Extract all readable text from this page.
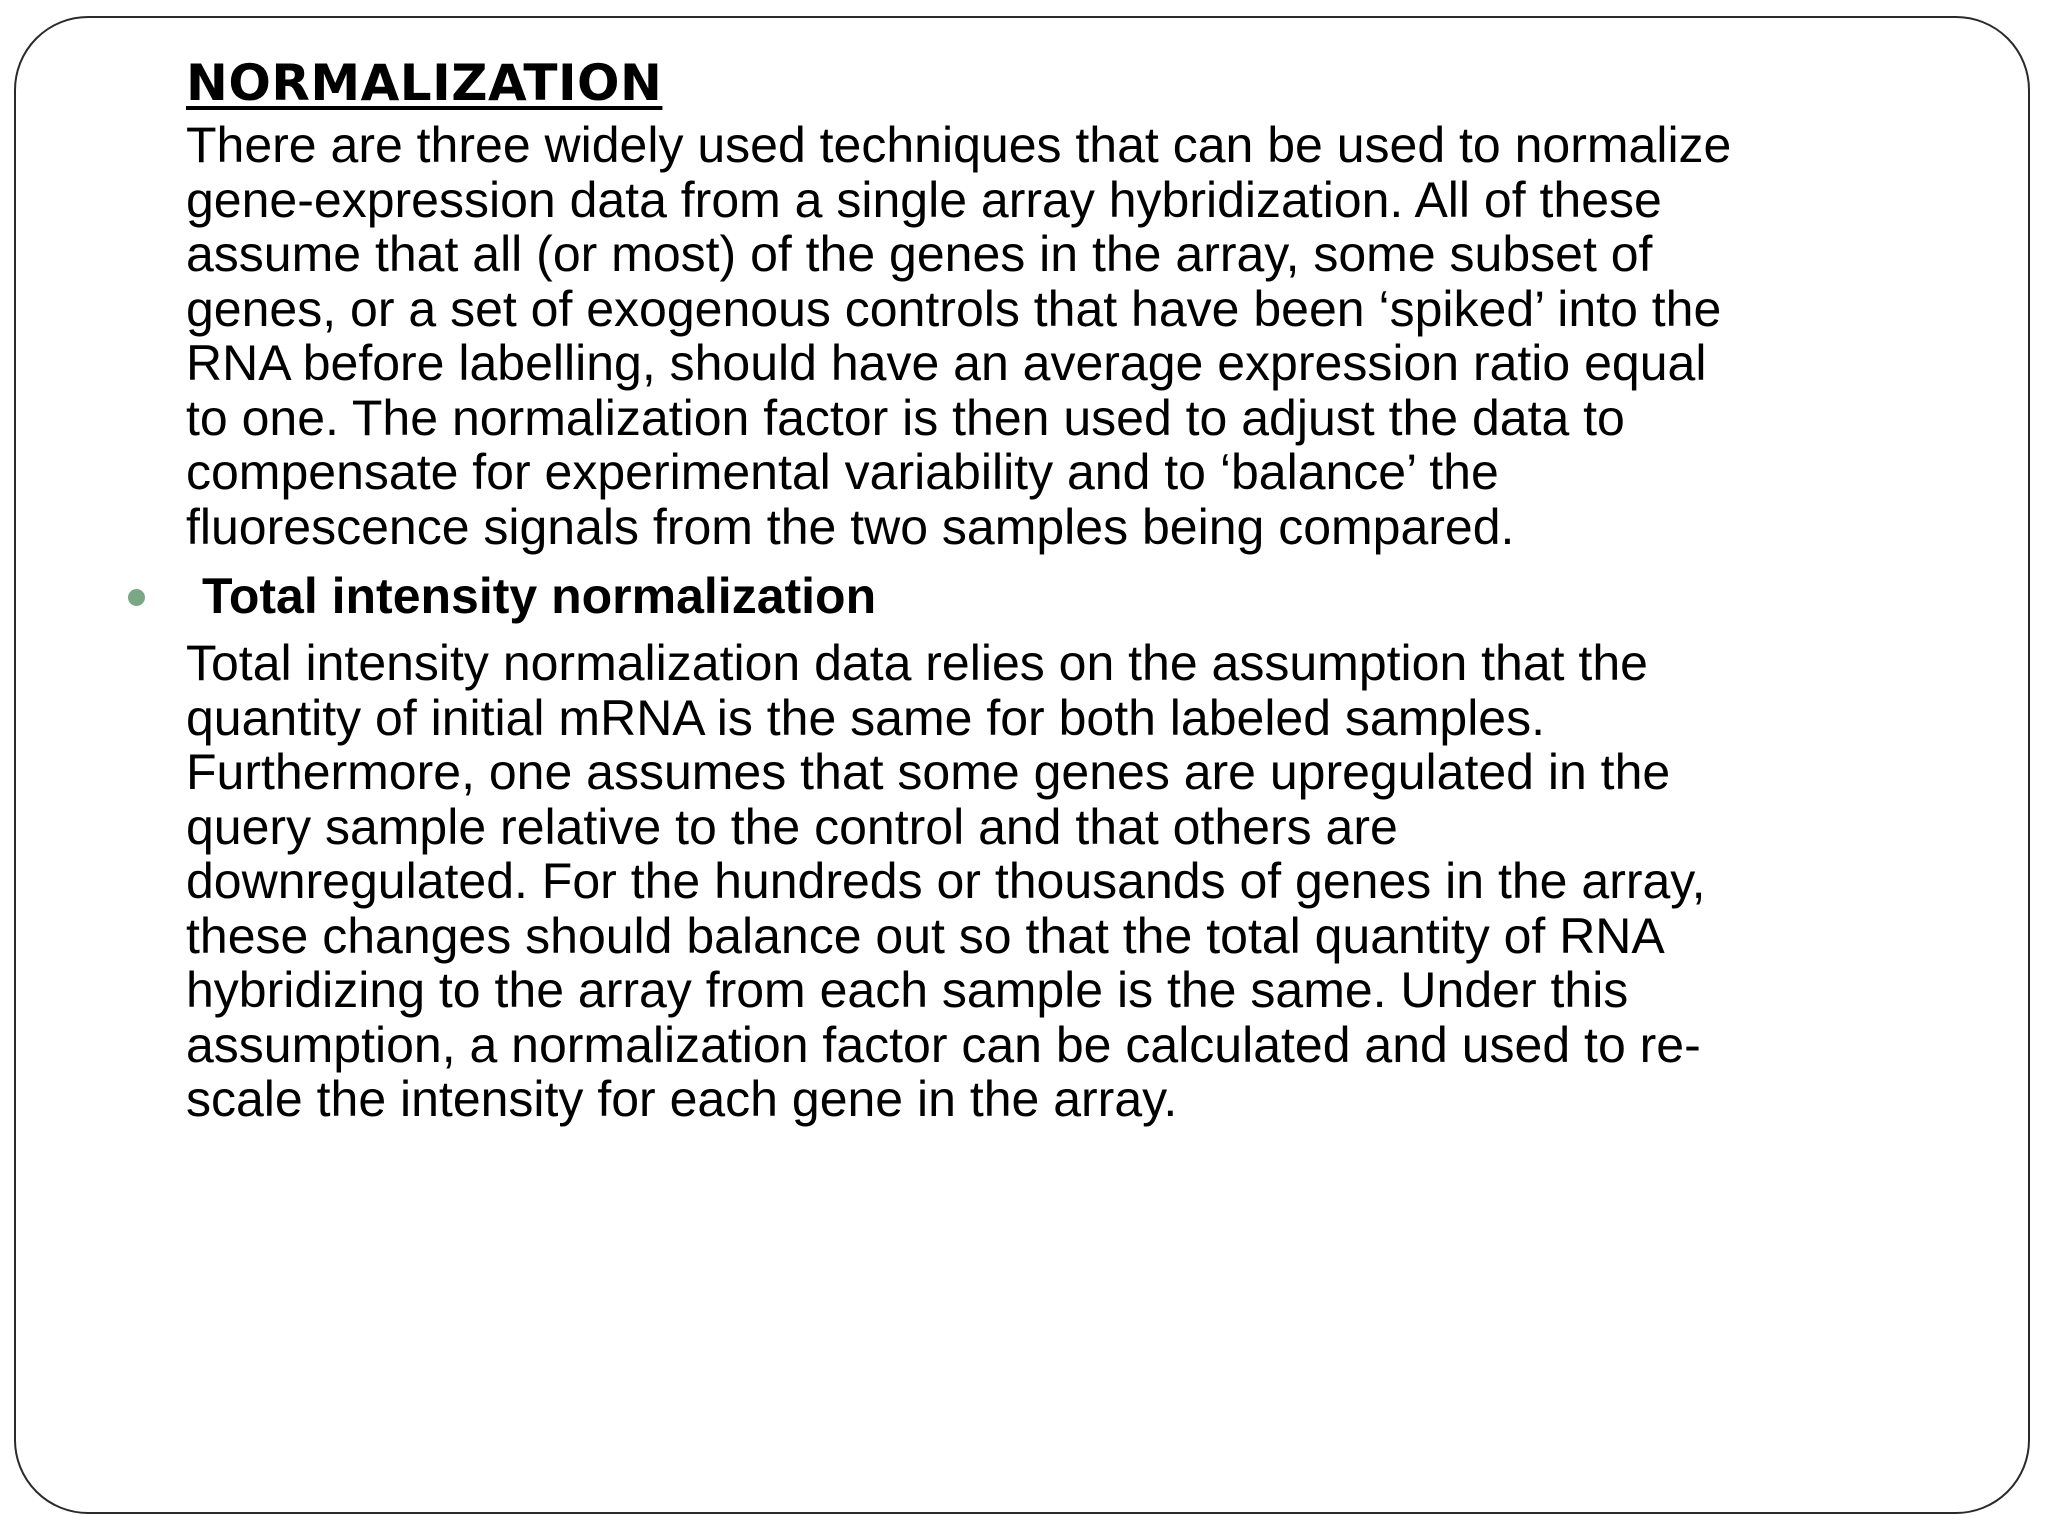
NORMALIZATION

There are three widely used techniques that can be used to normalize
gene-expression data from a single array hybridization. All of these
assume that all (or most) of the genes in the array, some subset of
genes, or a set of exogenous controls that have been ‘spiked’ into the
RNA before labelling, should have an average expression ratio equal
to one. The normalization factor is then used to adjust the data to
compensate for experimental variability and to ‘balance’ the
fluorescence signals from the two samples being compared.

Total intensity normalization

Total intensity normalization data relies on the assumption that the
quantity of initial mRNA is the same for both labeled samples.
Furthermore, one assumes that some genes are upregulated in the
query sample relative to the control and that others are
downregulated. For the hundreds or thousands of genes in the array,
these changes should balance out so that the total quantity of RNA
hybridizing to the array from each sample is the same. Under this
assumption, a normalization factor can be calculated and used to re-
scale the intensity for each gene in the array.
